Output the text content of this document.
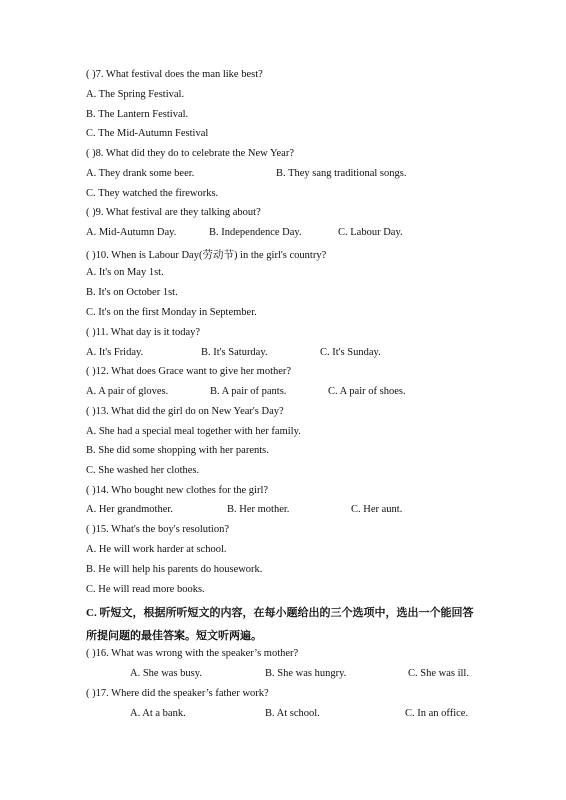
( )7. What festival does the man like best?
A. The Spring Festival.
B. The Lantern Festival.
C. The Mid-Autumn Festival
( )8. What did they do to celebrate the New Year?
A. They drank some beer.	B. They sang traditional songs.
C. They watched the fireworks.
( )9. What festival are they talking about?
A. Mid-Autumn Day.	B. Independence Day.	C. Labour Day.
( )10. When is Labour Day(劳动节) in the girl's country?
A. It's on May 1st.
B. It's on October 1st.
C. It's on the first Monday in September.
( )11. What day is it today?
A. It's Friday.	B. It's Saturday.	C. It's Sunday.
( )12. What does Grace want to give her mother?
A. A pair of gloves.	B. A pair of pants.	C. A pair of shoes.
( )13. What did the girl do on New Year's Day?
A. She had a special meal together with her family.
B. She did some shopping with her parents.
C. She washed her clothes.
( )14. Who bought new clothes for the girl?
A. Her grandmother.	B. Her mother.	C. Her aunt.
( )15. What's the boy's resolution?
A. He will work harder at school.
B. He will help his parents do housework.
C. He will read more books.
C. 听短文，根据所听短文的内容，在每小题给出的三个选项中，选出一个能回答
所提问题的最佳答案。短文听两遍。
( )16. What was wrong with the speaker’s mother?
A. She was busy.	B. She was hungry.	C. She was ill.
( )17. Where did the speaker’s father work?
A. At a bank.	B. At school.	C. In an office.
